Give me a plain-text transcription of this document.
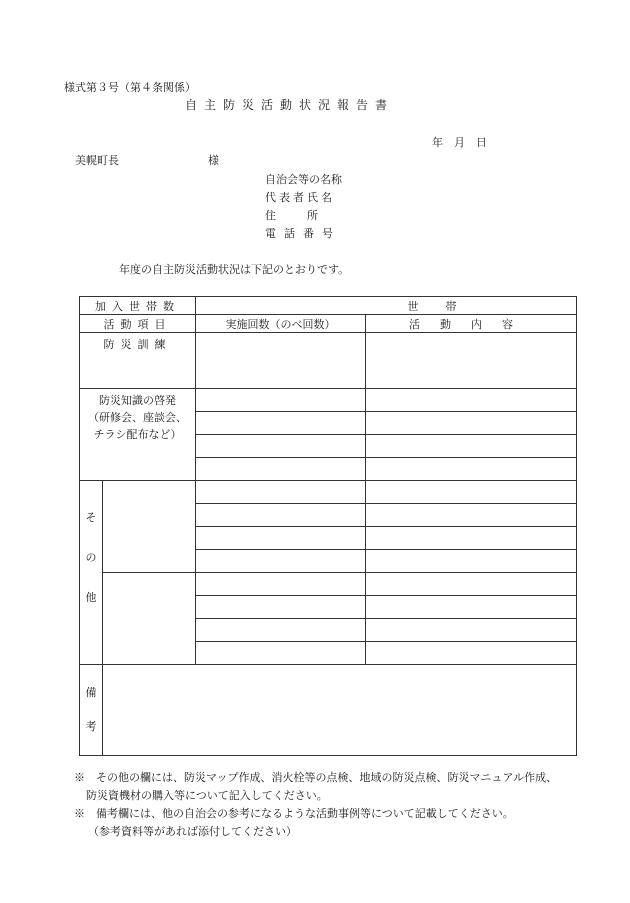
様式第３号（第４条関係）
自主防災活動状況報告書
年　月　日
美幌町長	様
自治会等の名称
代表者氏名
住所
電話番号
年度の自主防災活動状況は下記のとおりです。
加入世帯数		世　帯	
活動項目		実施回数（のべ回数）	活動内容
防災訓練			

防災知識の啓発
（研修会、座談会、
チラシ配布など）			

そ
の
他			

備
考			
※　その他の欄には、防災マップ作成、消火栓等の点検、地域の防災点検、防災マニュアル作成、
防災資機材の購入等について記入してください。
※　備考欄には、他の自治会の参考になるような活動事例等について記載してください。
（参考資料等があれば添付してください）
